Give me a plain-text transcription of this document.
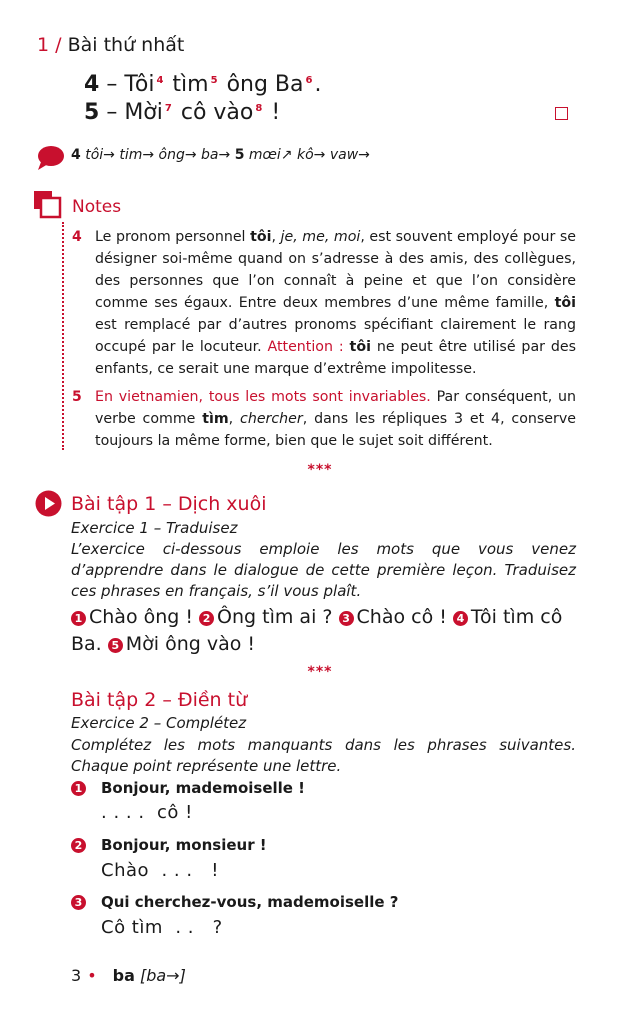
1 / Bài thứ nhất
4 – Tôi $^4$ tìm $^5$ ông Ba $^6$.
5 – Mời $^7$ cô vào $^8$ !
4 tôi→ tim→ ông→ ba→ 5 mœi↗ kô→ vaw→
Notes
4 Le pronom personnel tôi, je, me, moi, est souvent employé pour se désigner soi-même quand on s’adresse à des amis, des collègues, des personnes que l’on connaît à peine et que l’on considère comme ses égaux. Entre deux membres d’une même famille, tôi est remplacé par d’autres pronoms spécifiant clairement le rang occupé par le locuteur. Attention : tôi ne peut être utilisé par des enfants, ce serait une marque d’extrême impolitesse.
5 En vietnamien, tous les mots sont invariables. Par conséquent, un verbe comme tìm, chercher, dans les répliques 3 et 4, conserve toujours la même forme, bien que le sujet soit différent.
***
Bài tập 1 – Dịch xuôi
Exercice 1 – Traduisez
L’exercice ci-dessous emploie les mots que vous venez d’apprendre dans le dialogue de cette première leçon. Traduisez ces phrases en français, s’il vous plaît.
1 Chào ông ! 2 Ông tìm ai ? 3 Chào cô ! 4 Tôi tìm cô Ba. 5 Mời ông vào !
***
Bài tập 2 – Điền từ
Exercice 2 – Complétez
Complétez les mots manquants dans les phrases suivantes. Chaque point représente une lettre.
1 Bonjour, mademoiselle !
. . . .  cô !
2 Bonjour, monsieur !
Chào  . . .   !
3 Qui cherchez-vous, mademoiselle ?
Cô tìm  . .   ?
3 • ba [ba→]
